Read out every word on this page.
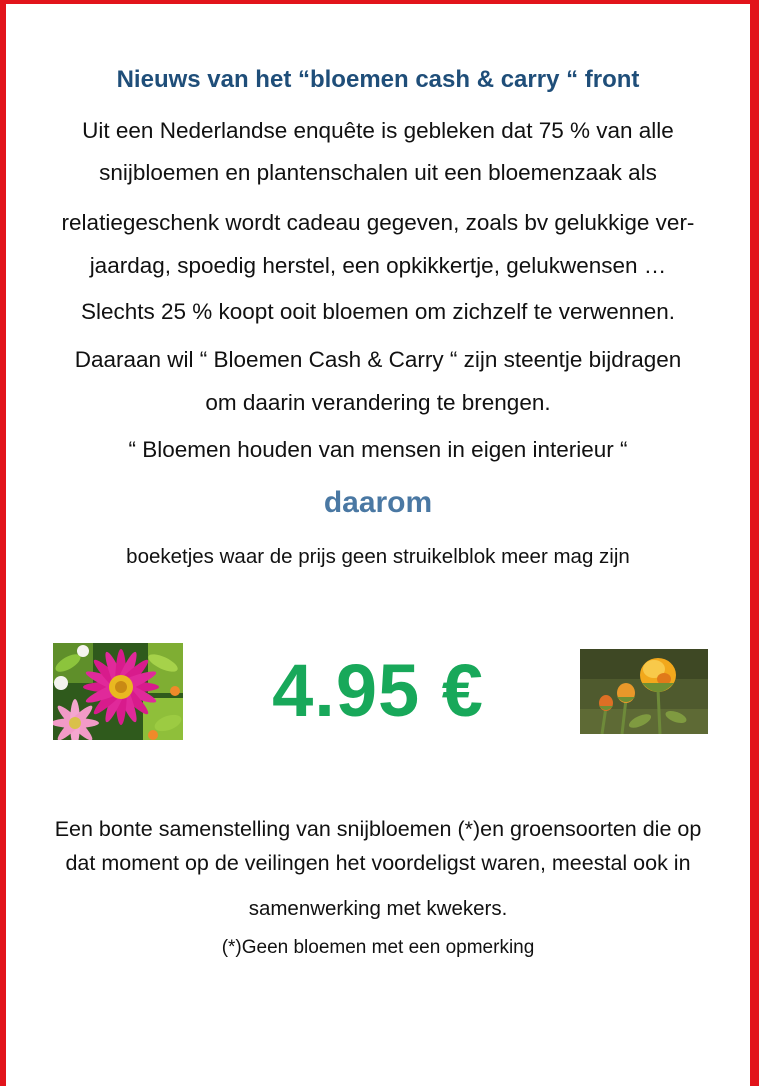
Nieuws van het “bloemen cash & carry “ front
Uit een Nederlandse enquête is gebleken dat 75 % van alle
snijbloemen en plantenschalen uit een bloemenzaak als
relatiegeschenk wordt cadeau gegeven, zoals bv gelukkige ver-
jaardag, spoedig herstel, een opkikkertje, gelukwensen …
Slechts 25 % koopt ooit bloemen om zichzelf te verwennen.
Daaraan wil “ Bloemen Cash & Carry “ zijn steentje bijdragen
om daarin verandering te brengen.
“ Bloemen houden van mensen in eigen interieur “
daarom
boeketjes waar de prijs geen struikelblok meer mag zijn
4.95 €
Een bonte samenstelling van snijbloemen (*)en groensoorten die op
dat moment op de veilingen het voordeligst waren, meestal ook in
samenwerking met kwekers.
(*)Geen bloemen met een opmerking
